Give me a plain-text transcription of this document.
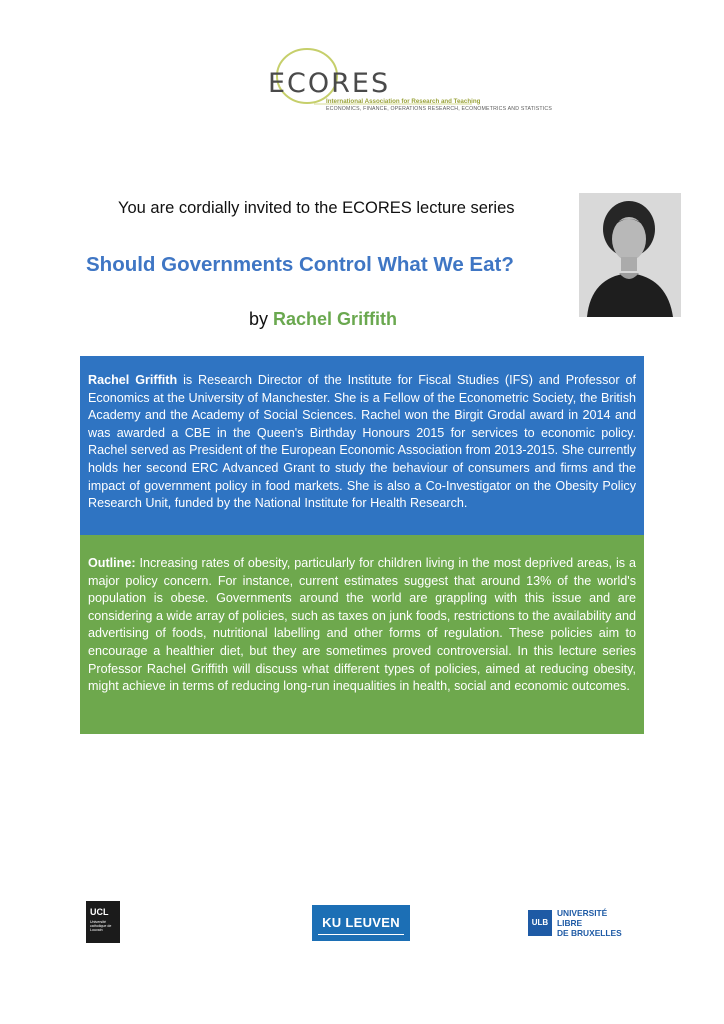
ECORES
International Association for Research and Teaching
ECONOMICS, FINANCE, OPERATIONS RESEARCH, ECONOMETRICS AND STATISTICS
You are cordially invited to the ECORES lecture series
Should Governments Control What We Eat?
by Rachel Griffith
Rachel Griffith is Research Director of the Institute for Fiscal Studies (IFS) and Professor of Economics at the University of Manchester. She is a Fellow of the Econometric Society, the British Academy and the Academy of Social Sciences. Rachel won the Birgit Grodal award in 2014 and was awarded a CBE in the Queen's Birthday Honours 2015 for services to economic policy. Rachel served as President of the European Economic Association from 2013-2015. She currently holds her second ERC Advanced Grant to study the behaviour of consumers and firms and the impact of government policy in food markets. She is also a Co-Investigator on the Obesity Policy Research Unit, funded by the National Institute for Health Research.
Outline: Increasing rates of obesity, particularly for children living in the most deprived areas, is a major policy concern. For instance, current estimates suggest that around 13% of the world's population is obese. Governments around the world are grappling with this issue and are considering a wide array of policies, such as taxes on junk foods, restrictions to the availability and advertising of foods, nutritional labelling and other forms of regulation. These policies aim to encourage a healthier diet, but they are sometimes proved controversial. In this lecture series Professor Rachel Griffith will discuss what different types of policies, aimed at reducing obesity, might achieve in terms of reducing long-run inequalities in health, social and economic outcomes.
UCL
Université catholique de Louvain
KU LEUVEN	ULB
UNIVERSITÉ
LIBRE
DE BRUXELLES
